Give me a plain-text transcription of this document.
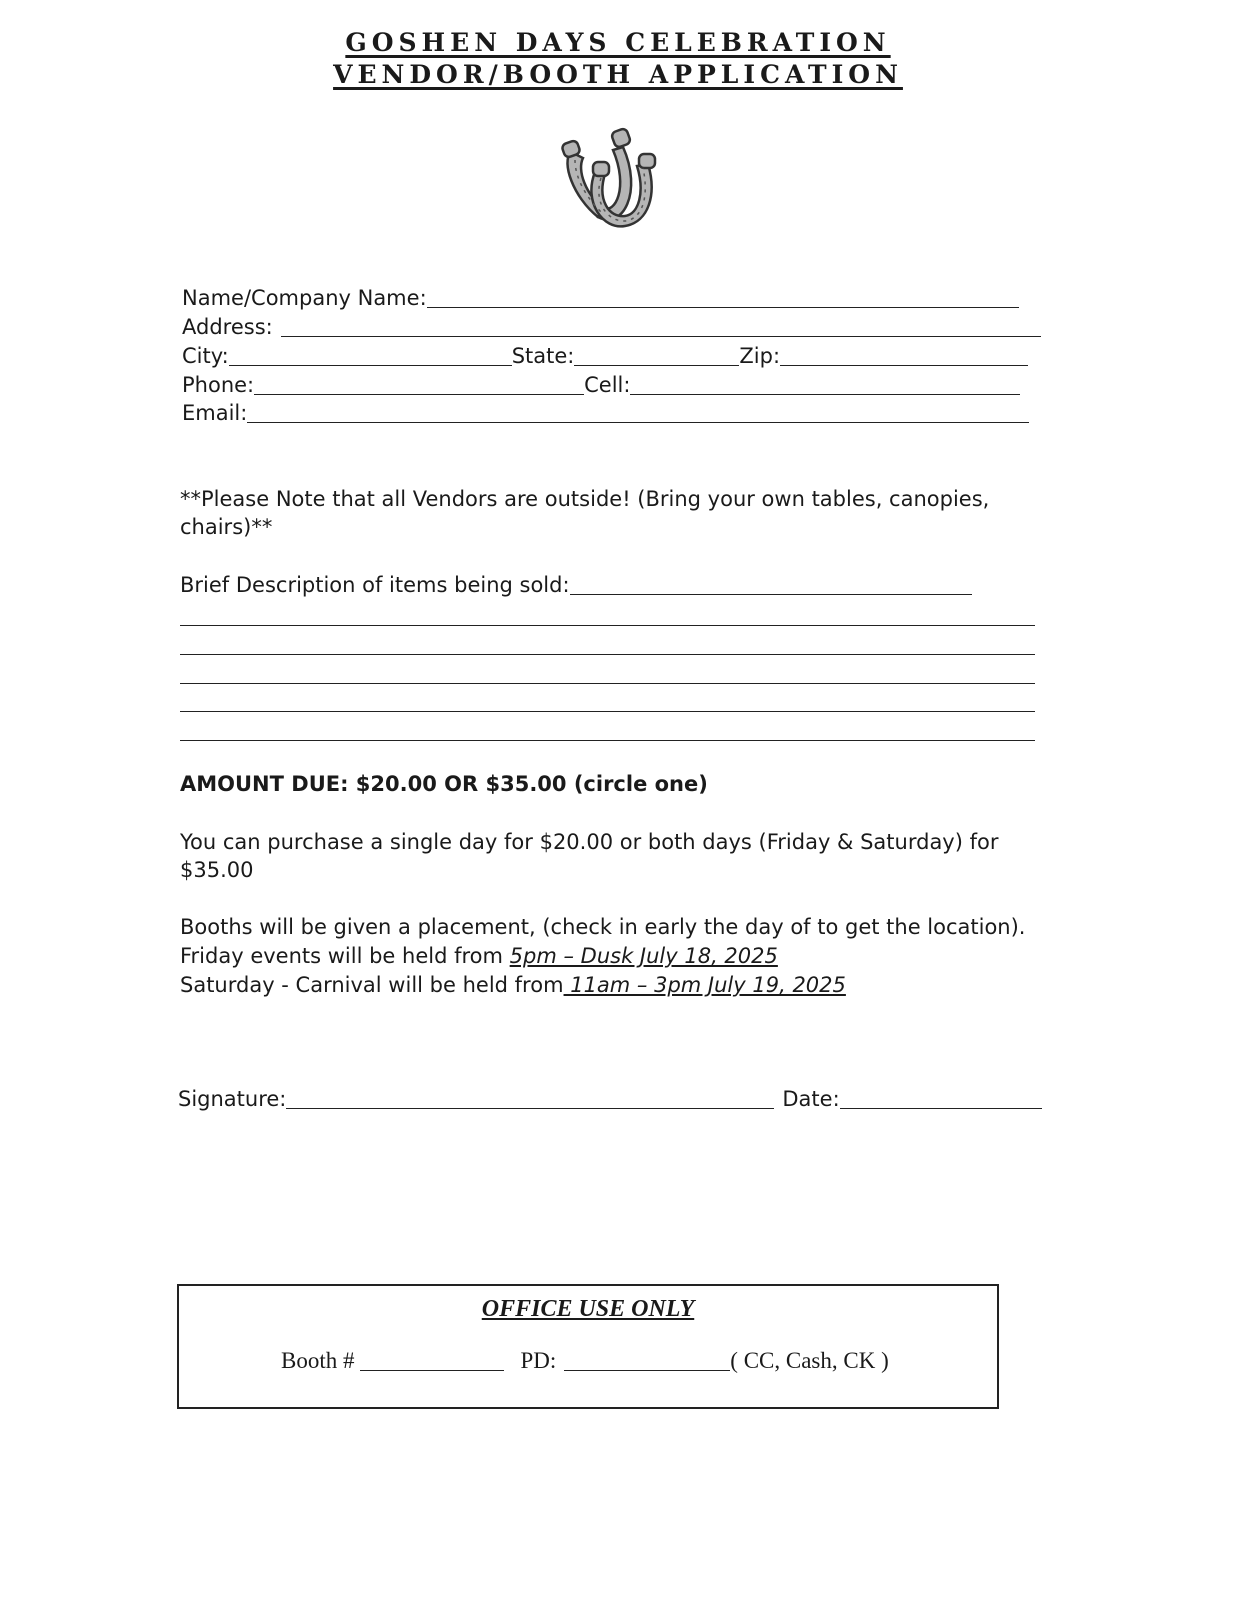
GOSHEN DAYS CELEBRATION
VENDOR/BOOTH APPLICATION
Name/Company Name:
Address:
City:	State:	Zip:
Phone:	Cell:
Email:
**Please Note that all Vendors are outside! (Bring your own tables, canopies, chairs)**
Brief Description of items being sold:
AMOUNT DUE: $20.00 OR $35.00 (circle one)
You can purchase a single day for $20.00 or both days (Friday & Saturday) for $35.00
Booths will be given a placement, (check in early the day of to get the location).
Friday events will be held from 5pm – Dusk July 18, 2025
Saturday - Carnival will be held from 11am – 3pm July 19, 2025
Signature:	Date:
OFFICE USE ONLY
Booth #	PD:	( CC, Cash, CK )
